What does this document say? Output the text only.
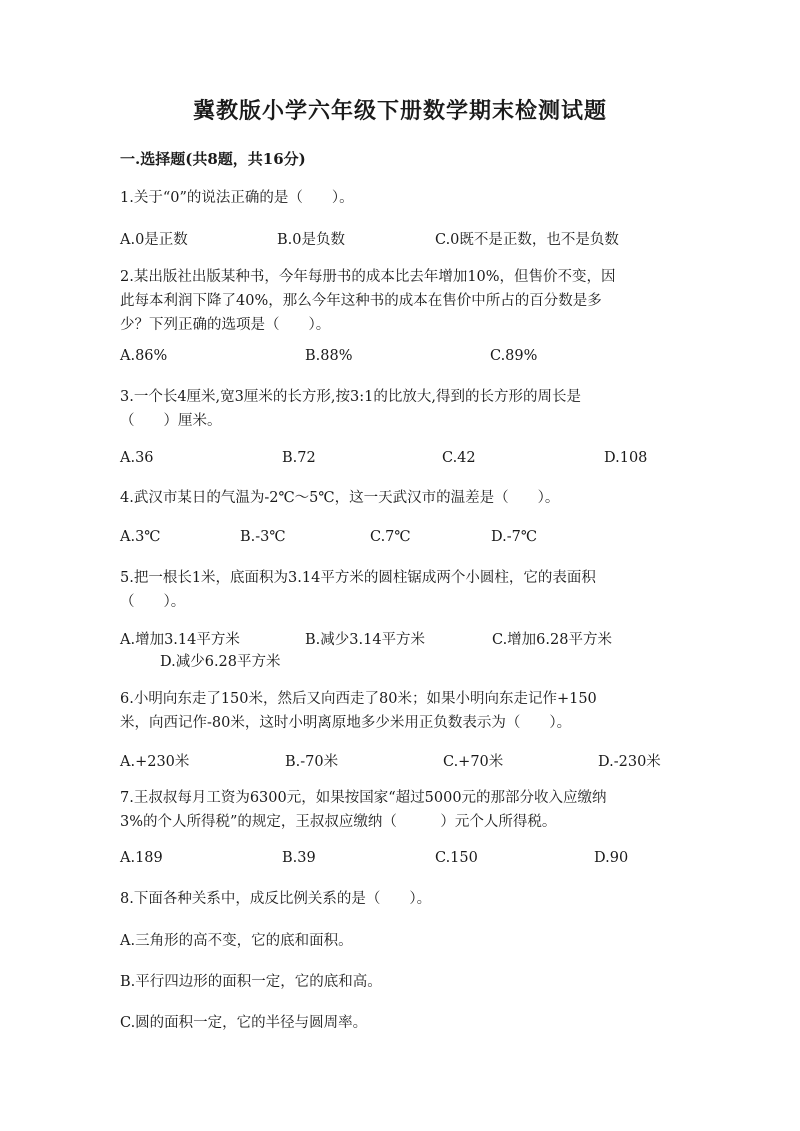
冀教版小学六年级下册数学期末检测试题
一.选择题(共8题，共16分)
1.关于“0”的说法正确的是（　　）。
A.0是正数	B.0是负数	C.0既不是正数，也不是负数
2.某出版社出版某种书，今年每册书的成本比去年增加10%，但售价不变，因
此每本利润下降了40%，那么今年这种书的成本在售价中所占的百分数是多
少？下列正确的选项是（　　）。
A.86%	B.88%	C.89%
3.一个长4厘米,宽3厘米的长方形,按3:1的比放大,得到的长方形的周长是
（　　）厘米。
A.36	B.72	C.42	D.108
4.武汉市某日的气温为-2℃～5℃，这一天武汉市的温差是（　　）。
A.3℃	B.-3℃	C.7℃	D.-7℃
5.把一根长1米，底面积为3.14平方米的圆柱锯成两个小圆柱，它的表面积
（　　）。
A.增加3.14平方米	B.减少3.14平方米	C.增加6.28平方米
D.减少6.28平方米
6.小明向东走了150米，然后又向西走了80米；如果小明向东走记作+150
米，向西记作-80米，这时小明离原地多少米用正负数表示为（　　）。
A.+230米	B.-70米	C.+70米	D.-230米
7.王叔叔每月工资为6300元，如果按国家“超过5000元的那部分收入应缴纳
3%的个人所得税”的规定，王叔叔应缴纳（　　　）元个人所得税。
A.189	B.39	C.150	D.90
8.下面各种关系中，成反比例关系的是（　　）。
A.三角形的高不变，它的底和面积。
B.平行四边形的面积一定，它的底和高。
C.圆的面积一定，它的半径与圆周率。
